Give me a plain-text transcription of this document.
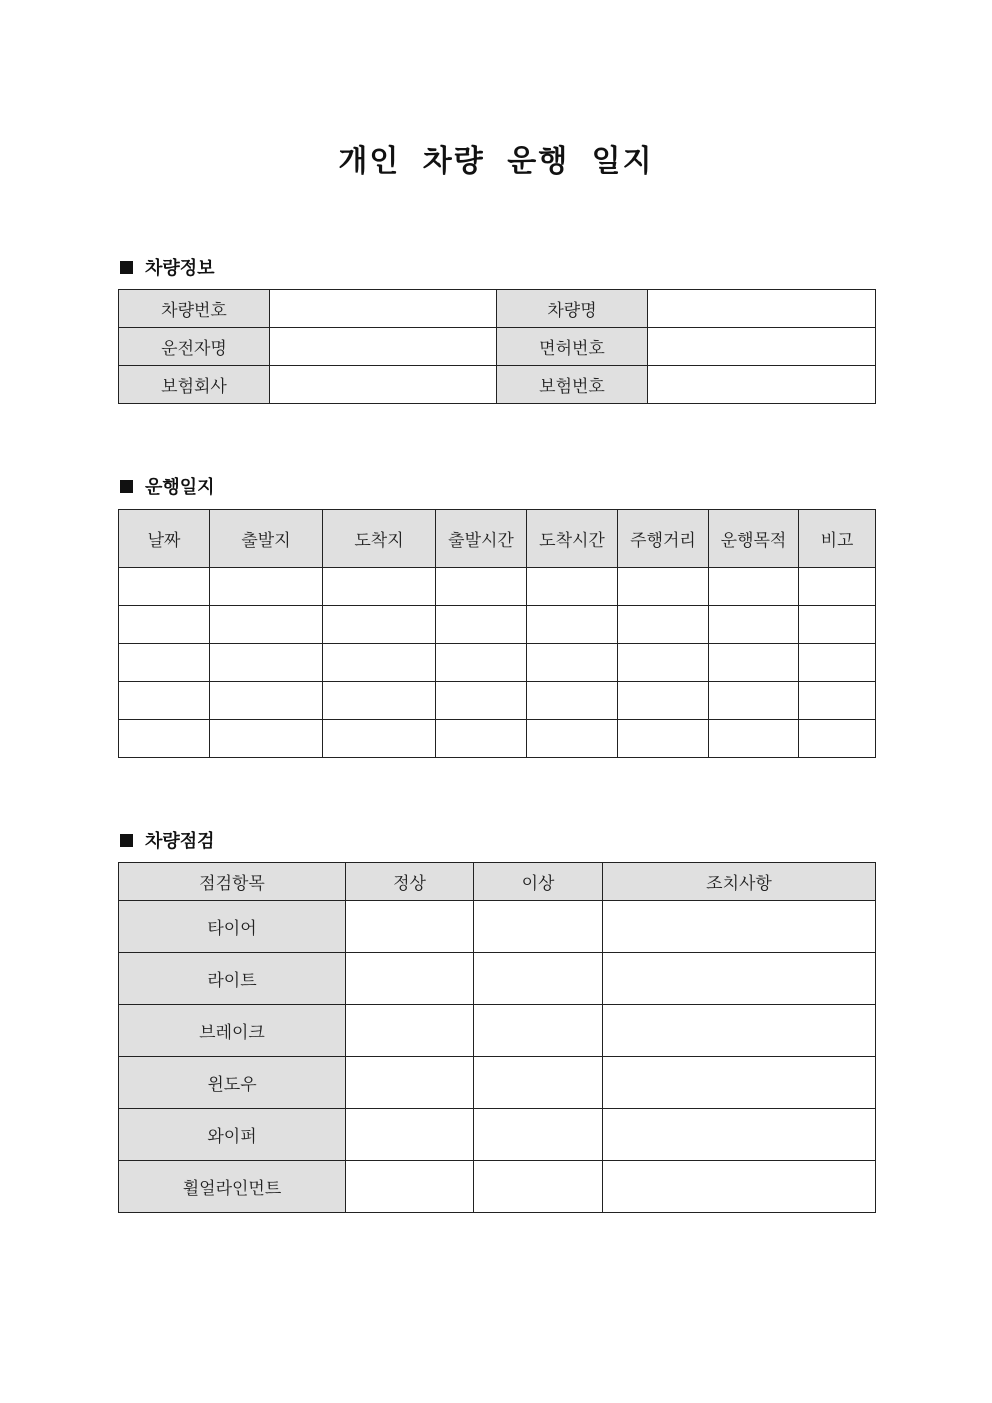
개인 차량 운행 일지
차량정보
차량번호		차량명	
운전자명		면허번호	
보험회사		보험번호	
운행일지
날짜	출발지	도착지	출발시간	도착시간	주행거리	운행목적	비고

차량점검
점검항목	정상	이상	조치사항
타이어			
라이트			
브레이크			
윈도우			
와이퍼			
휠얼라인먼트			
